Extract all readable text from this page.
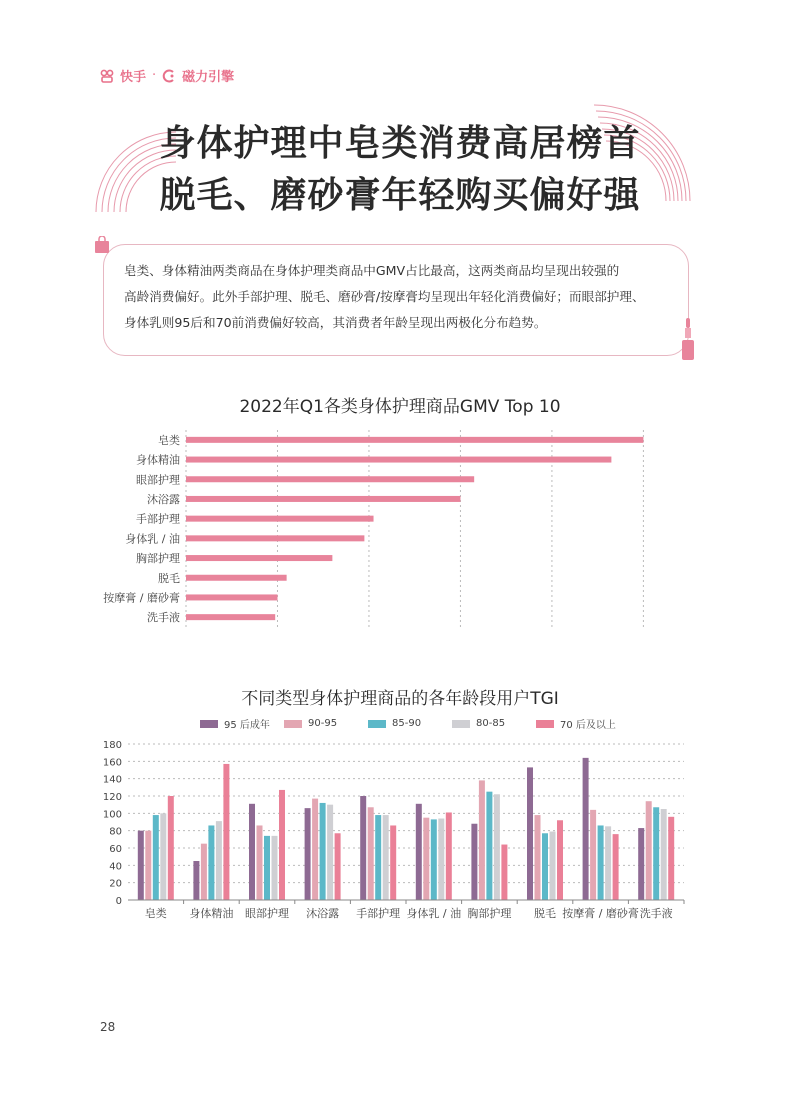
快手 · 磁力引擎
身体护理中皂类消费高居榜首
脱毛、磨砂膏年轻购买偏好强
皂类、身体精油两类商品在身体护理类商品中GMV占比最高，这两类商品均呈现出较强的
高龄消费偏好。此外手部护理、脱毛、磨砂膏/按摩膏均呈现出年轻化消费偏好；而眼部护理、
身体乳则95后和70前消费偏好较高，其消费者年龄呈现出两极化分布趋势。
2022年Q1各类身体护理商品GMV Top 10
皂类
身体精油
眼部护理
沐浴露
手部护理
身体乳 / 油
胸部护理
脱毛
按摩膏 / 磨砂膏
洗手液
不同类型身体护理商品的各年龄段用户TGI
95 后成年	90-95	85-90	80-85	70 后及以上
0
20
40
60
80
100
120
140
160
180
皂类 身体精油 眼部护理 沐浴露 手部护理 身体乳 / 油 胸部护理 脱毛 按摩膏 / 磨砂膏 洗手液
28
